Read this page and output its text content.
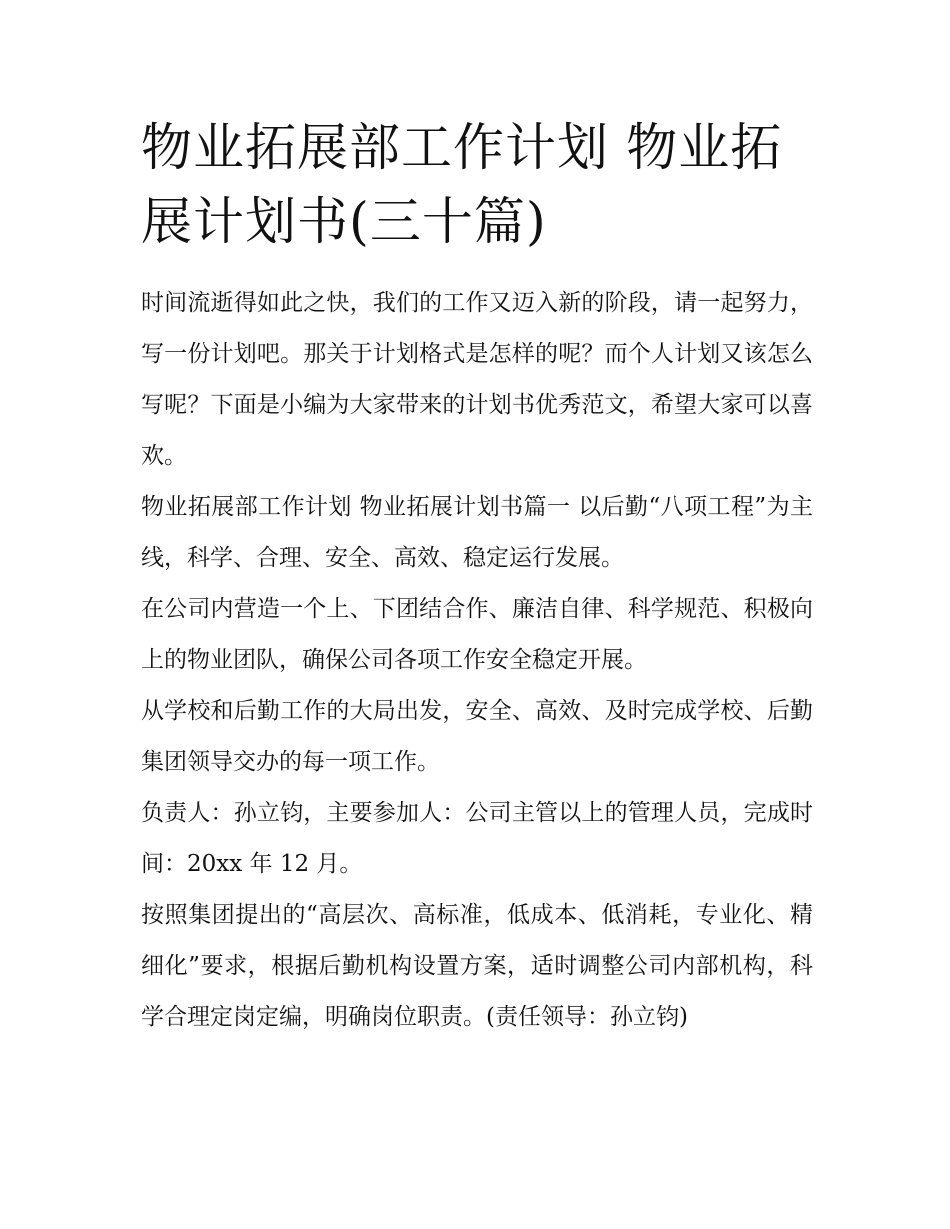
物业拓展部工作计划 物业拓展计划书(三十篇)

时间流逝得如此之快，我们的工作又迈入新的阶段，请一起努力，写一份计划吧。那关于计划格式是怎样的呢？而个人计划又该怎么写呢？下面是小编为大家带来的计划书优秀范文，希望大家可以喜欢。

物业拓展部工作计划 物业拓展计划书篇一 以后勤“八项工程”为主线，科学、合理、安全、高效、稳定运行发展。

在公司内营造一个上、下团结合作、廉洁自律、科学规范、积极向上的物业团队，确保公司各项工作安全稳定开展。

从学校和后勤工作的大局出发，安全、高效、及时完成学校、后勤集团领导交办的每一项工作。

负责人：孙立钧，主要参加人：公司主管以上的管理人员，完成时间：20xx 年 12 月。

按照集团提出的“高层次、高标准，低成本、低消耗，专业化、精细化”要求，根据后勤机构设置方案，适时调整公司内部机构，科学合理定岗定编，明确岗位职责。(责任领导：孙立钧)
